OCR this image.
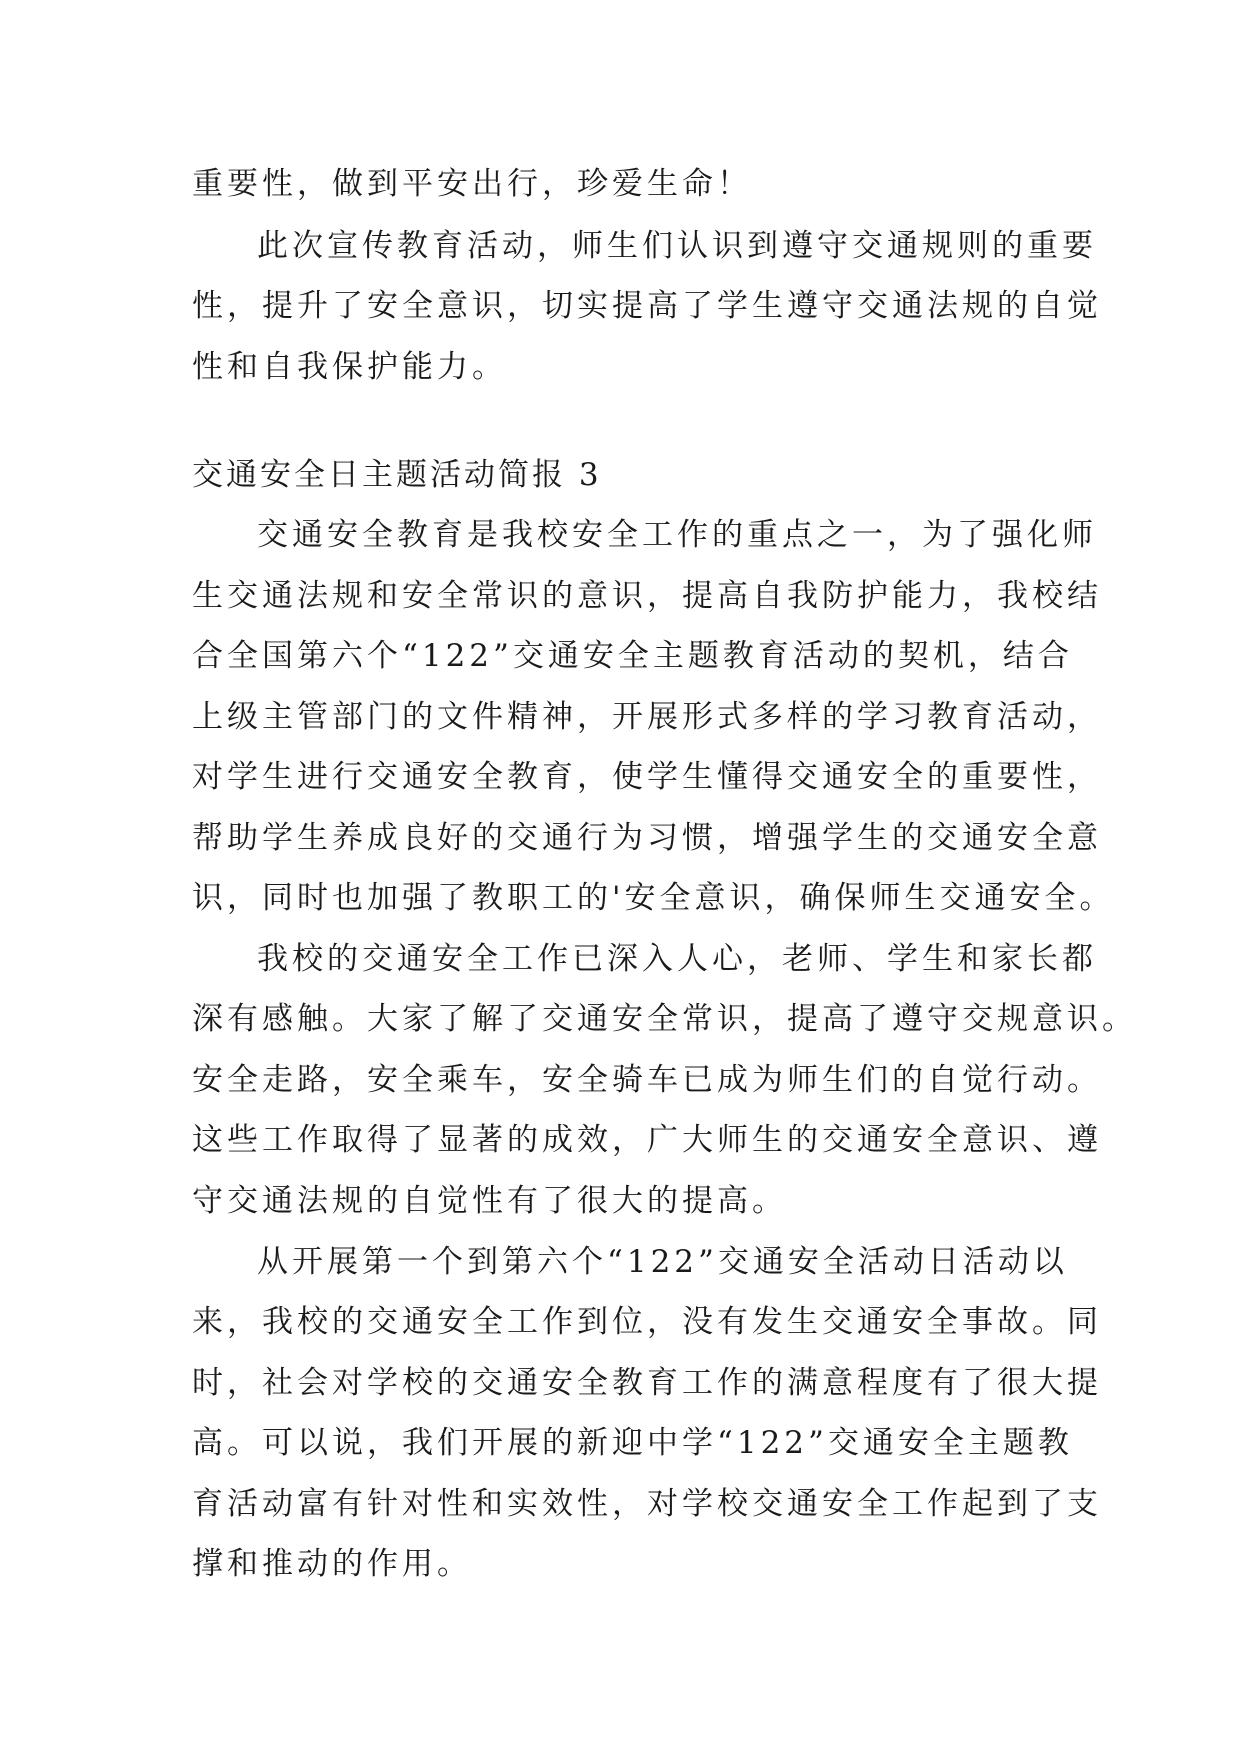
重要性，做到平安出行，珍爱生命！
此次宣传教育活动，师生们认识到遵守交通规则的重要
性，提升了安全意识，切实提高了学生遵守交通法规的自觉
性和自我保护能力。
交通安全日主题活动简报 3
交通安全教育是我校安全工作的重点之一，为了强化师
生交通法规和安全常识的意识，提高自我防护能力，我校结
合全国第六个“122”交通安全主题教育活动的契机，结合
上级主管部门的文件精神，开展形式多样的学习教育活动，
对学生进行交通安全教育，使学生懂得交通安全的重要性，
帮助学生养成良好的交通行为习惯，增强学生的交通安全意
识，同时也加强了教职工的'安全意识，确保师生交通安全。
我校的交通安全工作已深入人心，老师、学生和家长都
深有感触。大家了解了交通安全常识，提高了遵守交规意识。
安全走路，安全乘车，安全骑车已成为师生们的自觉行动。
这些工作取得了显著的成效，广大师生的交通安全意识、遵
守交通法规的自觉性有了很大的提高。
从开展第一个到第六个“122”交通安全活动日活动以
来，我校的交通安全工作到位，没有发生交通安全事故。同
时，社会对学校的交通安全教育工作的满意程度有了很大提
高。可以说，我们开展的新迎中学“122”交通安全主题教
育活动富有针对性和实效性，对学校交通安全工作起到了支
撑和推动的作用。
